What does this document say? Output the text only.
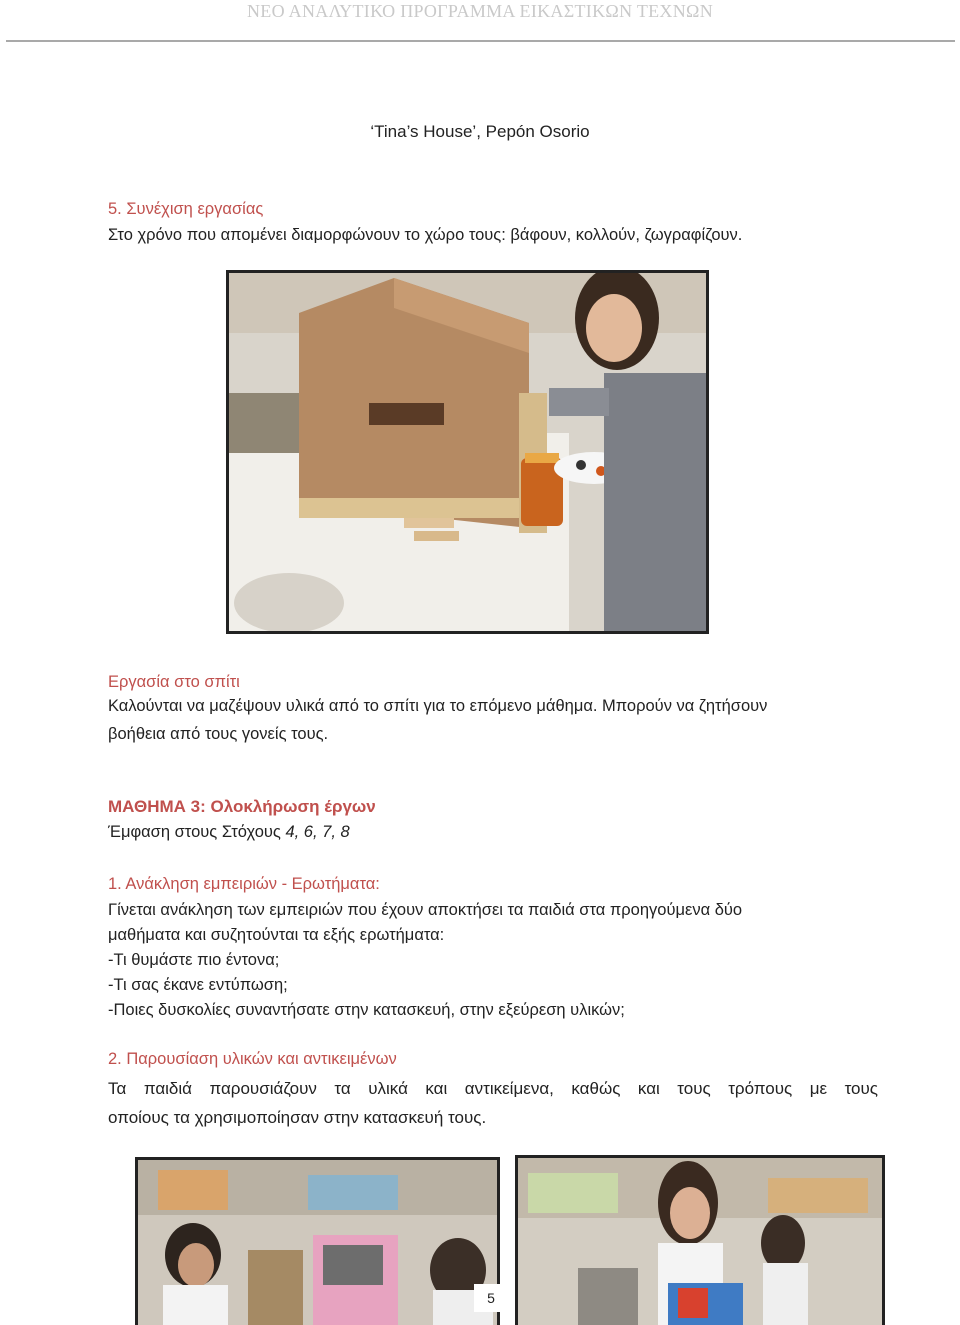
ΝΕΟ ΑΝΑΛΥΤΙΚΟ ΠΡΟΓΡΑΜΜΑ ΕΙΚΑΣΤΙΚΩΝ ΤΕΧΝΩΝ
‘Tina’s House’, Pepón Osorio
5. Συνέχιση εργασίας
Στο χρόνο που απομένει διαμορφώνουν το χώρο τους: βάφουν, κολλούν, ζωγραφίζουν.
Εργασία στο σπίτι
Καλούνται να μαζέψουν υλικά από το σπίτι για το επόμενο μάθημα. Μπορούν να ζητήσουν
βοήθεια από τους γονείς τους.
ΜΑΘΗΜΑ 3: Ολοκλήρωση έργων
Έμφαση στους Στόχους 4, 6, 7, 8
1. Ανάκληση εμπειριών - Ερωτήματα:
Γίνεται ανάκληση των εμπειριών που έχουν αποκτήσει τα παιδιά στα προηγούμενα δύο
μαθήματα και συζητούνται τα εξής ερωτήματα:
-Τι θυμάστε πιο έντονα;
-Τι σας έκανε εντύπωση;
-Ποιες δυσκολίες συναντήσατε στην κατασκευή, στην εξεύρεση υλικών;
2. Παρουσίαση υλικών και αντικειμένων
Τα παιδιά παρουσιάζουν τα υλικά και αντικείμενα, καθώς και τους τρόπους με τους
οποίους τα χρησιμοποίησαν στην κατασκευή τους.
5
